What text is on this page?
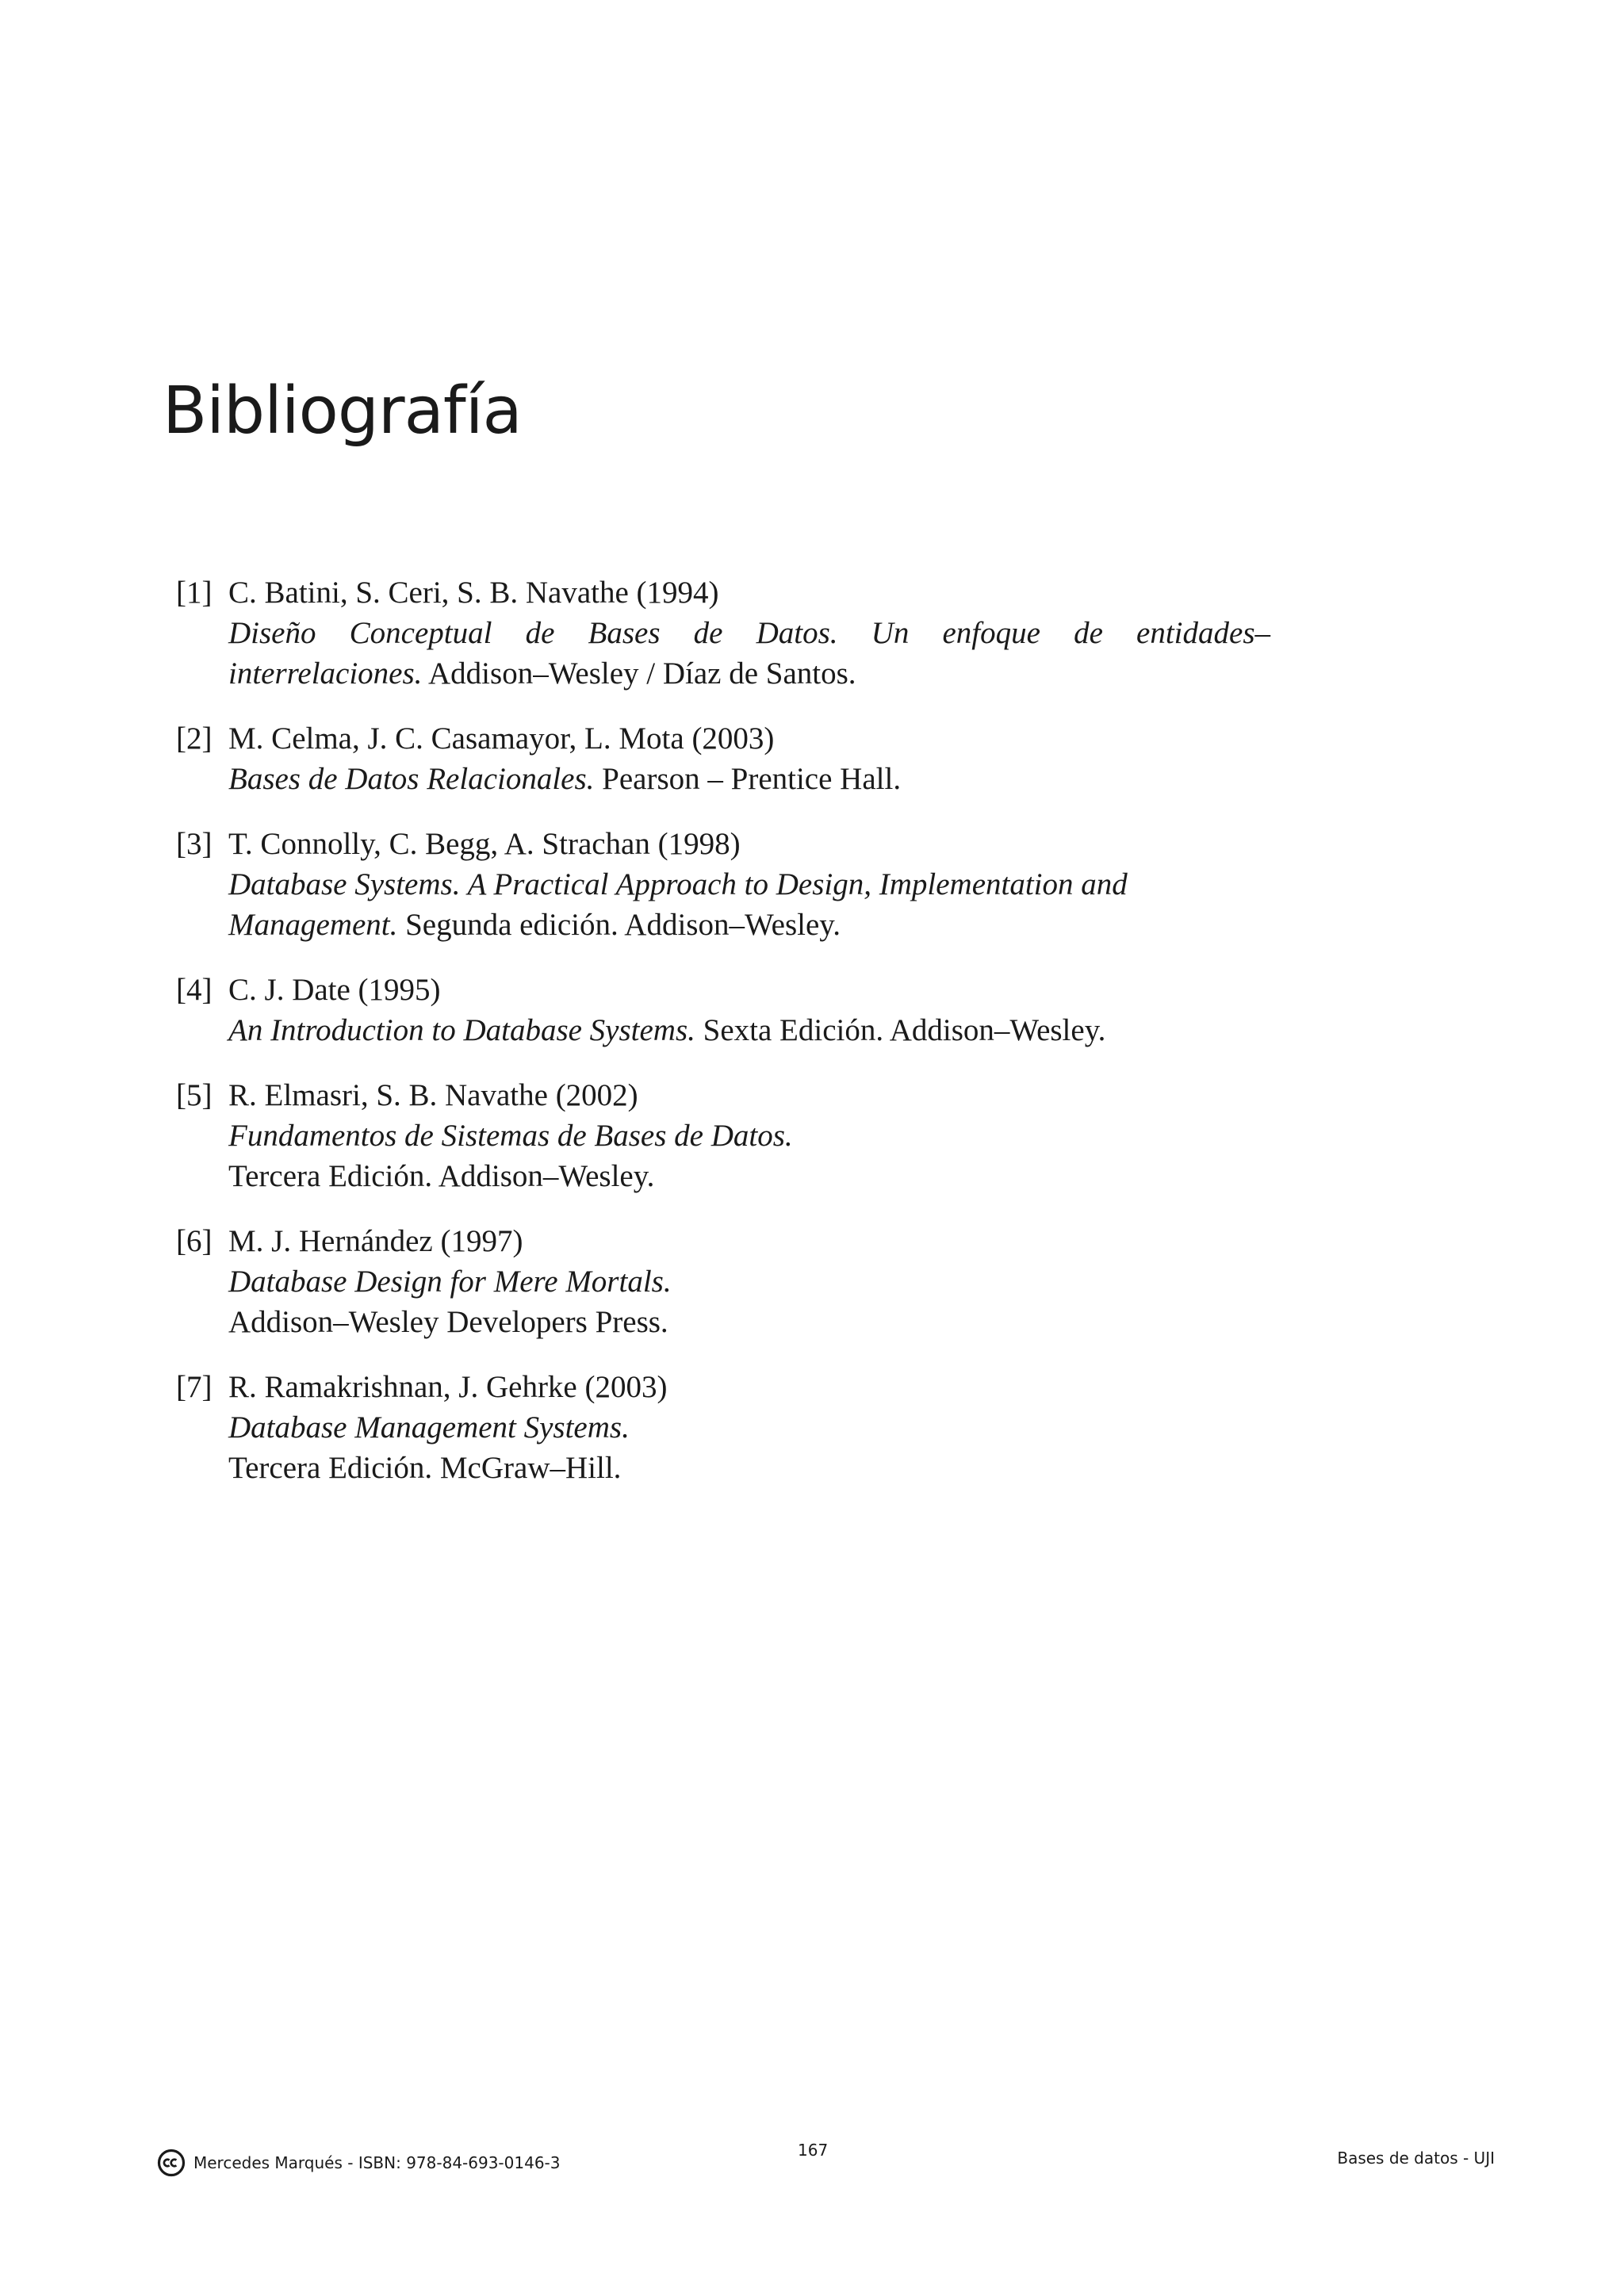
Bibliografía
[1] C. Batini, S. Ceri, S. B. Navathe (1994)
Diseño Conceptual de Bases de Datos. Un enfoque de entidades–
interrelaciones. Addison–Wesley / Díaz de Santos.
[2] M. Celma, J. C. Casamayor, L. Mota (2003)
Bases de Datos Relacionales. Pearson – Prentice Hall.
[3] T. Connolly, C. Begg, A. Strachan (1998)
Database Systems. A Practical Approach to Design, Implementation and
Management. Segunda edición. Addison–Wesley.
[4] C. J. Date (1995)
An Introduction to Database Systems. Sexta Edición. Addison–Wesley.
[5] R. Elmasri, S. B. Navathe (2002)
Fundamentos de Sistemas de Bases de Datos.
Tercera Edición. Addison–Wesley.
[6] M. J. Hernández (1997)
Database Design for Mere Mortals.
Addison–Wesley Developers Press.
[7] R. Ramakrishnan, J. Gehrke (2003)
Database Management Systems.
Tercera Edición. McGraw–Hill.
Mercedes Marqués - ISBN: 978-84-693-0146-3
167	Bases de datos - UJI
